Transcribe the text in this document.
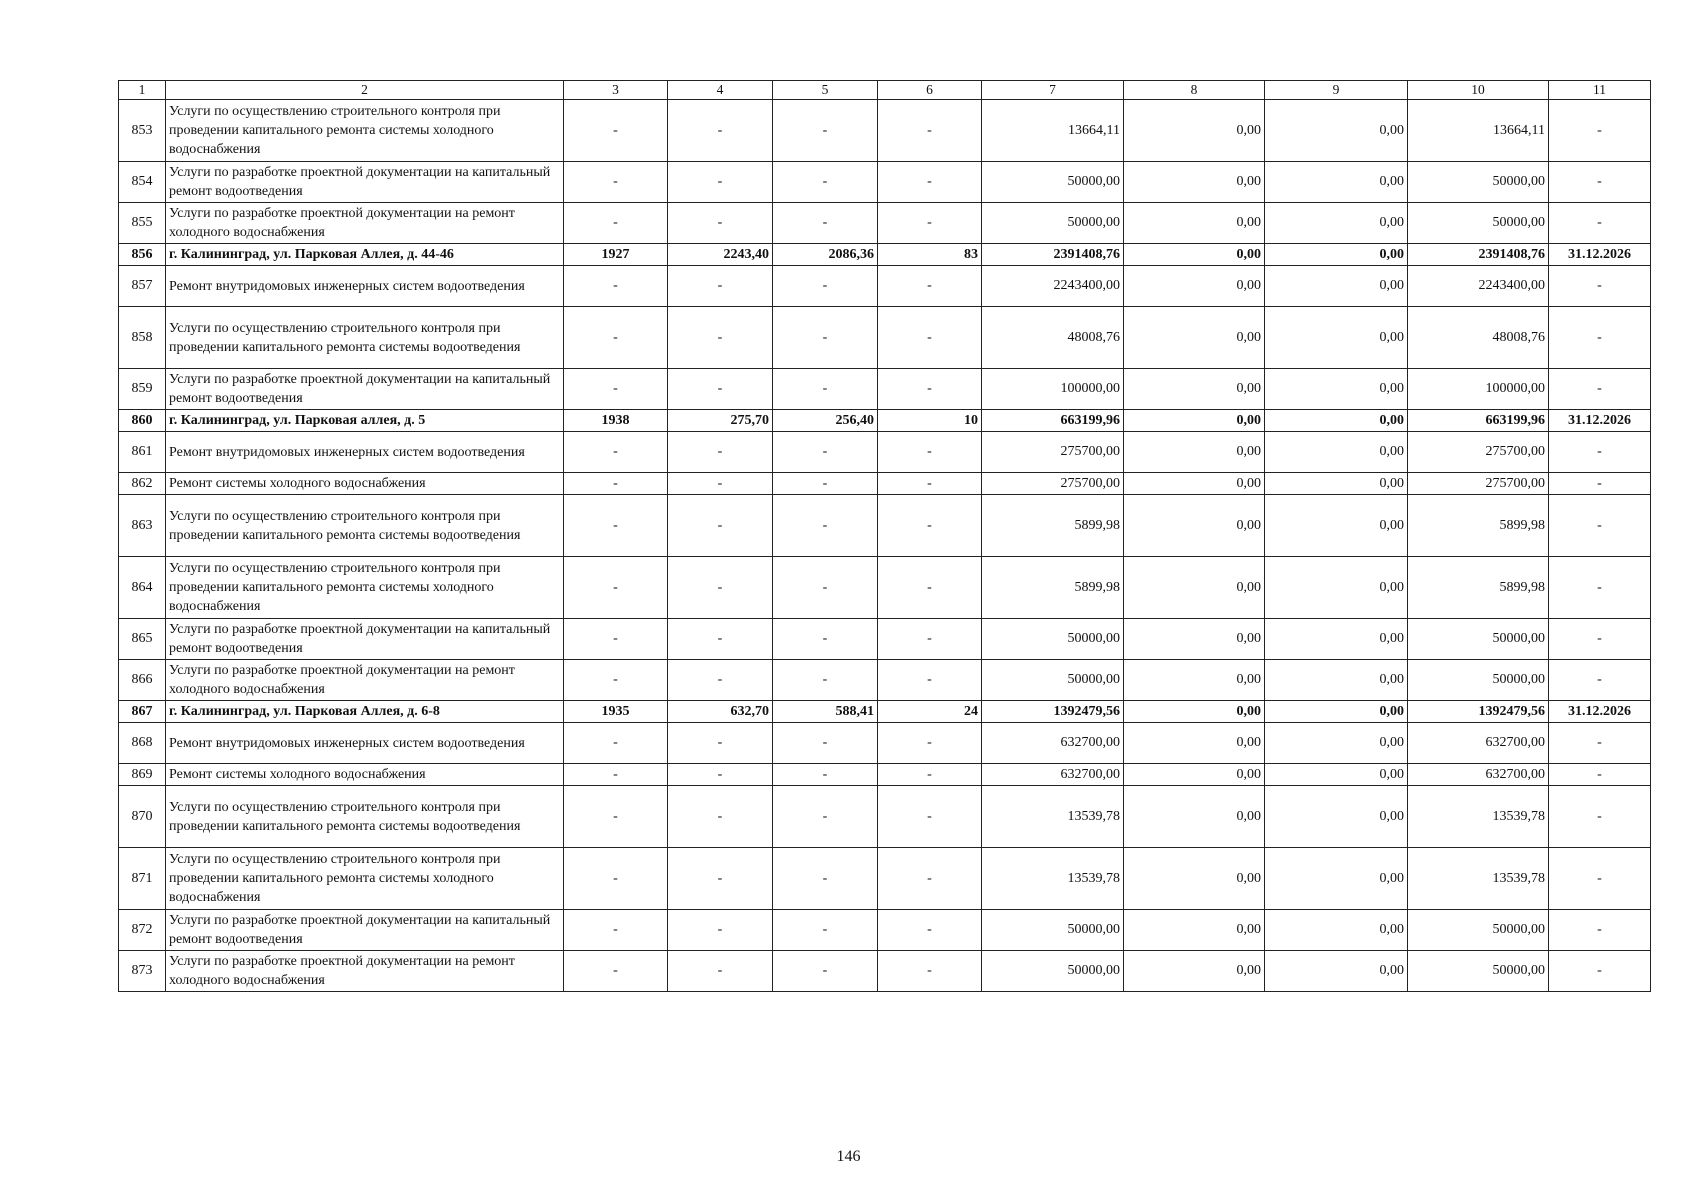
1	2	3	4	5	6	7	8	9	10	11
853	Услуги по осуществлению строительного контроля при проведении капитального ремонта системы холодного водоснабжения	-	-	-	-	13664,11	0,00	0,00	13664,11	-
854	Услуги по разработке проектной документации на капитальный ремонт водоотведения	-	-	-	-	50000,00	0,00	0,00	50000,00	-
855	Услуги по разработке проектной документации на ремонт холодного водоснабжения	-	-	-	-	50000,00	0,00	0,00	50000,00	-
856	г. Калининград, ул. Парковая Аллея, д. 44-46	1927	2243,40	2086,36	83	2391408,76	0,00	0,00	2391408,76	31.12.2026
857	Ремонт внутридомовых инженерных систем водоотведения	-	-	-	-	2243400,00	0,00	0,00	2243400,00	-
858	Услуги по осуществлению строительного контроля при проведении капитального ремонта системы водоотведения	-	-	-	-	48008,76	0,00	0,00	48008,76	-
859	Услуги по разработке проектной документации на капитальный ремонт водоотведения	-	-	-	-	100000,00	0,00	0,00	100000,00	-
860	г. Калининград, ул. Парковая аллея, д. 5	1938	275,70	256,40	10	663199,96	0,00	0,00	663199,96	31.12.2026
861	Ремонт внутридомовых инженерных систем водоотведения	-	-	-	-	275700,00	0,00	0,00	275700,00	-
862	Ремонт системы холодного водоснабжения	-	-	-	-	275700,00	0,00	0,00	275700,00	-
863	Услуги по осуществлению строительного контроля при проведении капитального ремонта системы водоотведения	-	-	-	-	5899,98	0,00	0,00	5899,98	-
864	Услуги по осуществлению строительного контроля при проведении капитального ремонта системы холодного водоснабжения	-	-	-	-	5899,98	0,00	0,00	5899,98	-
865	Услуги по разработке проектной документации на капитальный ремонт водоотведения	-	-	-	-	50000,00	0,00	0,00	50000,00	-
866	Услуги по разработке проектной документации на ремонт холодного водоснабжения	-	-	-	-	50000,00	0,00	0,00	50000,00	-
867	г. Калининград, ул. Парковая Аллея, д. 6-8	1935	632,70	588,41	24	1392479,56	0,00	0,00	1392479,56	31.12.2026
868	Ремонт внутридомовых инженерных систем водоотведения	-	-	-	-	632700,00	0,00	0,00	632700,00	-
869	Ремонт системы холодного водоснабжения	-	-	-	-	632700,00	0,00	0,00	632700,00	-
870	Услуги по осуществлению строительного контроля при проведении капитального ремонта системы водоотведения	-	-	-	-	13539,78	0,00	0,00	13539,78	-
871	Услуги по осуществлению строительного контроля при проведении капитального ремонта системы холодного водоснабжения	-	-	-	-	13539,78	0,00	0,00	13539,78	-
872	Услуги по разработке проектной документации на капитальный ремонт водоотведения	-	-	-	-	50000,00	0,00	0,00	50000,00	-
873	Услуги по разработке проектной документации на ремонт холодного водоснабжения	-	-	-	-	50000,00	0,00	0,00	50000,00	-
146
